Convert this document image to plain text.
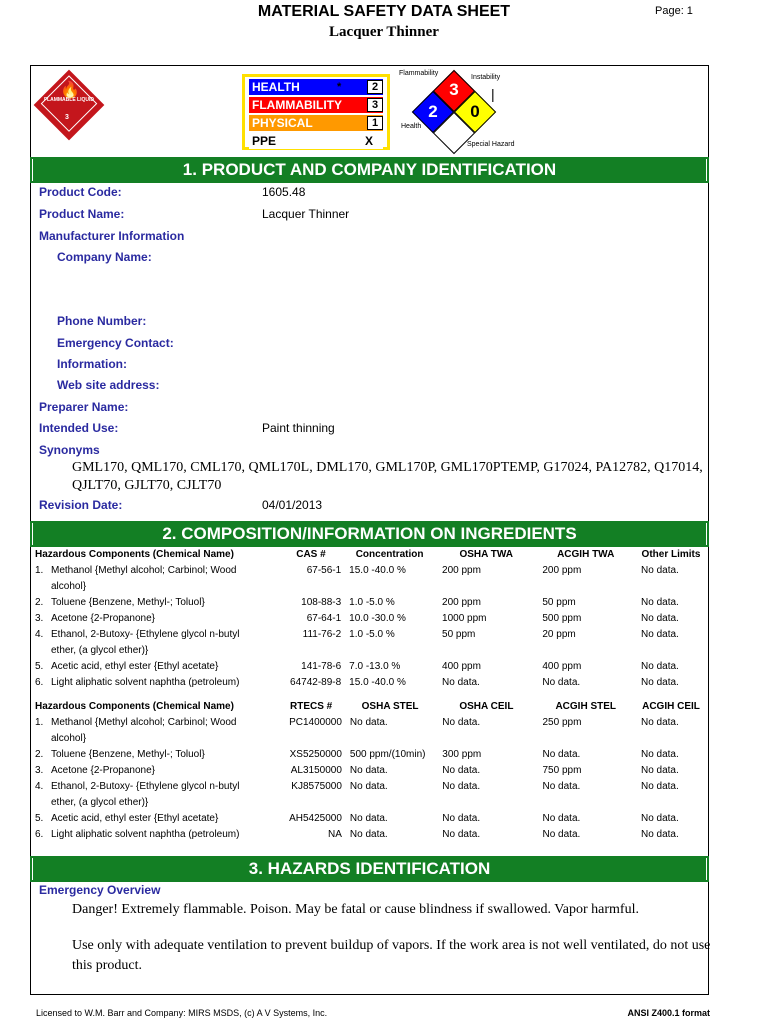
MATERIAL SAFETY DATA SHEET
Lacquer Thinner
Page: 1
🔥
FLAMMABLE LIQUID
3
HEALTH	*	2
FLAMMABILITY	3
PHYSICAL	1
PPE	X
Flammability
Instability
Health
Special Hazard
3
2	0
|
1. PRODUCT AND COMPANY IDENTIFICATION
Product Code:	1605.48
Product Name:	Lacquer Thinner
Manufacturer Information
Company Name:
Phone Number:
Emergency Contact:
Information:
Web site address:
Preparer Name:
Intended Use:	Paint thinning
Synonyms
GML170, QML170, CML170, QML170L, DML170, GML170P, GML170PTEMP, G17024, PA12782, Q17014,
QJLT70, GJLT70, CJLT70
Revision Date:	04/01/2013
2. COMPOSITION/INFORMATION ON INGREDIENTS
Hazardous Components (Chemical Name)	CAS #	Concentration	OSHA TWA	ACGIH TWA	Other Limits

1. Methanol {Methyl alcohol; Carbinol; Wood alcohol}
67-56-1	15.0 -40.0 %	200 ppm	200 ppm	No data.

2. Toluene {Benzene, Methyl-; Toluol}	108-88-3	1.0 -5.0 %	200 ppm	50 ppm	No data.

3. Acetone {2-Propanone}	67-64-1	10.0 -30.0 %	1000 ppm	500 ppm	No data.

4. Ethanol, 2-Butoxy- {Ethylene glycol n-butyl ether, (a glycol ether)}
111-76-2	1.0 -5.0 %	50 ppm	20 ppm	No data.

5. Acetic acid, ethyl ester {Ethyl acetate}	141-78-6	7.0 -13.0 %	400 ppm	400 ppm	No data.

6. Light aliphatic solvent naphtha (petroleum)	64742-89-8	15.0 -40.0 %	No data.	No data.	No data.
Hazardous Components (Chemical Name)	RTECS #	OSHA STEL	OSHA CEIL	ACGIH STEL	ACGIH CEIL

1. Methanol {Methyl alcohol; Carbinol; Wood alcohol}
PC1400000	No data.	No data.	250 ppm	No data.

2. Toluene {Benzene, Methyl-; Toluol}	XS5250000	500 ppm/(10min)	300 ppm	No data.	No data.

3. Acetone {2-Propanone}	AL3150000	No data.	No data.	750 ppm	No data.

4. Ethanol, 2-Butoxy- {Ethylene glycol n-butyl ether, (a glycol ether)}
KJ8575000	No data.	No data.	No data.	No data.

5. Acetic acid, ethyl ester {Ethyl acetate}	AH5425000	No data.	No data.	No data.	No data.

6. Light aliphatic solvent naphtha (petroleum)	NA	No data.	No data.	No data.	No data.
3. HAZARDS IDENTIFICATION
Emergency Overview
Danger! Extremely flammable. Poison. May be fatal or cause blindness if swallowed. Vapor harmful.
Use only with adequate ventilation to prevent buildup of vapors. If the work area is not well ventilated, do not use
this product.
Licensed to W.M. Barr and Company: MIRS MSDS, (c) A V Systems, Inc.	ANSI Z400.1 format
